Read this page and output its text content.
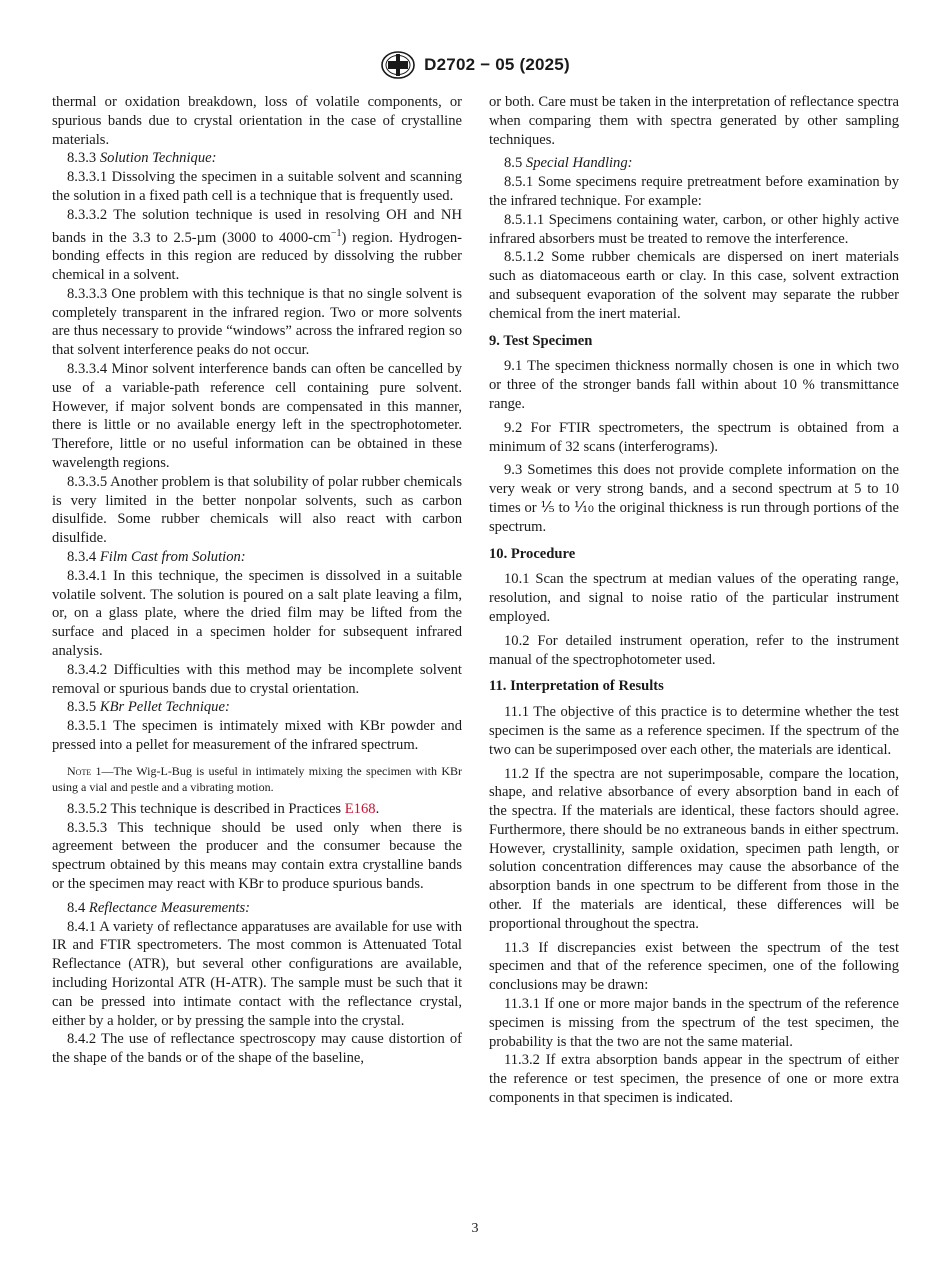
D2702 − 05 (2025)

thermal or oxidation breakdown, loss of volatile components, or spurious bands due to crystal orientation in the case of crystalline materials.

8.3.3 Solution Technique:

8.3.3.1 Dissolving the specimen in a suitable solvent and scanning the solution in a fixed path cell is a technique that is frequently used.

8.3.3.2 The solution technique is used in resolving OH and NH bands in the 3.3 to 2.5-µm (3000 to $4000-cm^{-1}$) region. Hydrogen-bonding effects in this region are reduced by dissolving the rubber chemical in a solvent.

8.3.3.3 One problem with this technique is that no single solvent is completely transparent in the infrared region. Two or more solvents are thus necessary to provide “windows” across the infrared region so that solvent interference peaks do not occur.

8.3.3.4 Minor solvent interference bands can often be cancelled by use of a variable-path reference cell containing pure solvent. However, if major solvent bonds are compensated in this manner, there is little or no available energy left in the spectrophotometer. Therefore, little or no useful information can be obtained in these wavelength regions.

8.3.3.5 Another problem is that solubility of polar rubber chemicals is very limited in the better nonpolar solvents, such as carbon disulfide. Some rubber chemicals will also react with carbon disulfide.

8.3.4 Film Cast from Solution:

8.3.4.1 In this technique, the specimen is dissolved in a suitable volatile solvent. The solution is poured on a salt plate leaving a film, or, on a glass plate, where the dried film may be lifted from the surface and placed in a specimen holder for subsequent infrared analysis.

8.3.4.2 Difficulties with this method may be incomplete solvent removal or spurious bands due to crystal orientation.

8.3.5 KBr Pellet Technique:

8.3.5.1 The specimen is intimately mixed with KBr powder and pressed into a pellet for measurement of the infrared spectrum.

Note 1—The Wig-L-Bug is useful in intimately mixing the specimen with KBr using a vial and pestle and a vibrating motion.

8.3.5.2 This technique is described in Practices E168.

8.3.5.3 This technique should be used only when there is agreement between the producer and the consumer because the spectrum obtained by this means may contain extra crystalline bands or the specimen may react with KBr to produce spurious bands.

8.4 Reflectance Measurements:

8.4.1 A variety of reflectance apparatuses are available for use with IR and FTIR spectrometers. The most common is Attenuated Total Reflectance (ATR), but several other configurations are available, including Horizontal ATR (H-ATR). The sample must be such that it can be pressed into intimate contact with the reflectance crystal, either by a holder, or by pressing the sample into the crystal.

8.4.2 The use of reflectance spectroscopy may cause distortion of the shape of the bands or of the shape of the baseline,

or both. Care must be taken in the interpretation of reflectance spectra when comparing them with spectra generated by other sampling techniques.

8.5 Special Handling:

8.5.1 Some specimens require pretreatment before examination by the infrared technique. For example:

8.5.1.1 Specimens containing water, carbon, or other highly active infrared absorbers must be treated to remove the interference.

8.5.1.2 Some rubber chemicals are dispersed on inert materials such as diatomaceous earth or clay. In this case, solvent extraction and subsequent evaporation of the solvent may separate the rubber chemical from the inert material.

9. Test Specimen

9.1 The specimen thickness normally chosen is one in which two or three of the stronger bands fall within about 10 % transmittance range.

9.2 For FTIR spectrometers, the spectrum is obtained from a minimum of 32 scans (interferograms).

9.3 Sometimes this does not provide complete information on the very weak or very strong bands, and a second spectrum at 5 to 10 times or ⅕ to ⅒ the original thickness is run through portions of the spectrum.

10. Procedure

10.1 Scan the spectrum at median values of the operating range, resolution, and signal to noise ratio of the particular instrument employed.

10.2 For detailed instrument operation, refer to the instrument manual of the spectrophotometer used.

11. Interpretation of Results

11.1 The objective of this practice is to determine whether the test specimen is the same as a reference specimen. If the spectrum of the two can be superimposed over each other, the materials are identical.

11.2 If the spectra are not superimposable, compare the location, shape, and relative absorbance of every absorption band in each of the spectra. If the materials are identical, these factors should agree. Furthermore, there should be no extraneous bands in either spectrum. However, crystallinity, sample oxidation, specimen path length, or solution concentration differences may cause the absorbance of the absorption bands in one spectrum to be different from those in the other. If the materials are identical, these differences will be proportional throughout the spectra.

11.3 If discrepancies exist between the spectrum of the test specimen and that of the reference specimen, one of the following conclusions may be drawn:

11.3.1 If one or more major bands in the spectrum of the reference specimen is missing from the spectrum of the test specimen, the probability is that the two are not the same material.

11.3.2 If extra absorption bands appear in the spectrum of either the reference or test specimen, the presence of one or more extra components in that specimen is indicated.

3
